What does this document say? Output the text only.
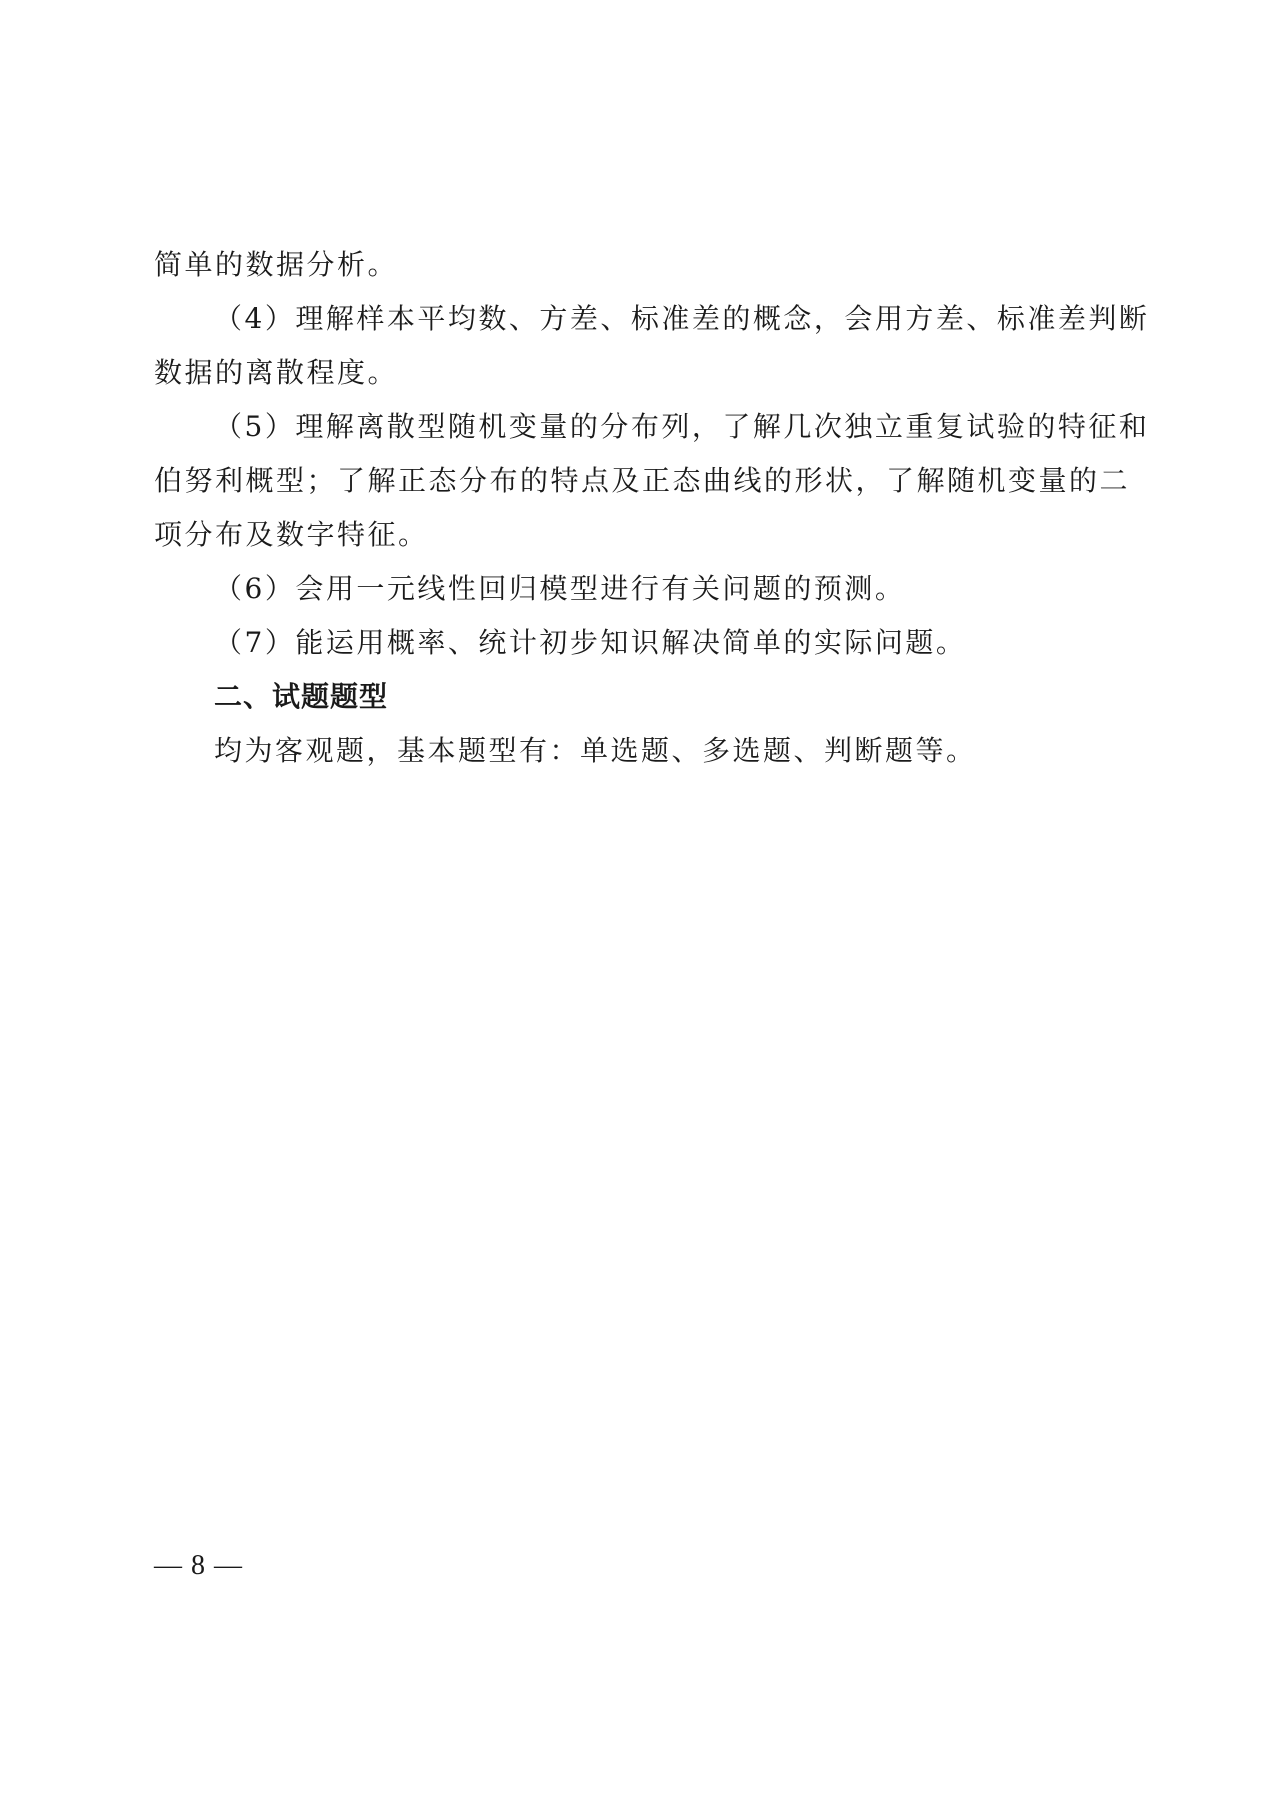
简单的数据分析。

（4）理解样本平均数、方差、标准差的概念，会用方差、标准差判断

数据的离散程度。

（5）理解离散型随机变量的分布列，了解几次独立重复试验的特征和

伯努利概型；了解正态分布的特点及正态曲线的形状，了解随机变量的二

项分布及数字特征。

（6）会用一元线性回归模型进行有关问题的预测。

（7）能运用概率、统计初步知识解决简单的实际问题。

二、试题题型

均为客观题，基本题型有：单选题、多选题、判断题等。

— 8 —
